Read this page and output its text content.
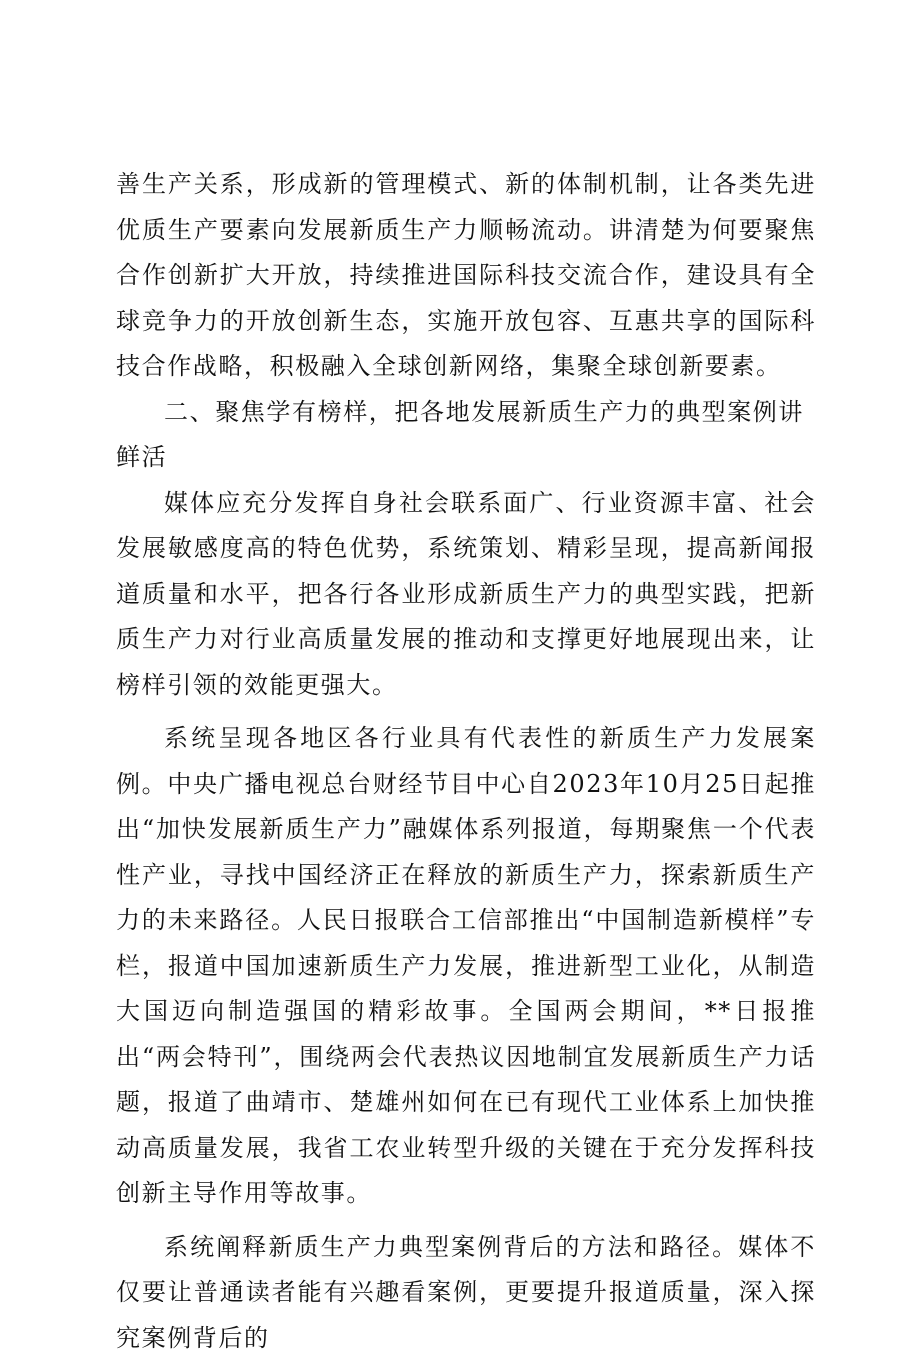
善生产关系，形成新的管理模式、新的体制机制，让各类先进优质生产要素向发展新质生产力顺畅流动。讲清楚为何要聚焦合作创新扩大开放，持续推进国际科技交流合作，建设具有全球竞争力的开放创新生态，实施开放包容、互惠共享的国际科技合作战略，积极融入全球创新网络，集聚全球创新要素。

二、聚焦学有榜样，把各地发展新质生产力的典型案例讲鲜活

媒体应充分发挥自身社会联系面广、行业资源丰富、社会发展敏感度高的特色优势，系统策划、精彩呈现，提高新闻报道质量和水平，把各行各业形成新质生产力的典型实践，把新质生产力对行业高质量发展的推动和支撑更好地展现出来，让榜样引领的效能更强大。

系统呈现各地区各行业具有代表性的新质生产力发展案例。中央广播电视总台财经节目中心自2023年10月25日起推出“加快发展新质生产力”融媒体系列报道，每期聚焦一个代表性产业，寻找中国经济正在释放的新质生产力，探索新质生产力的未来路径。人民日报联合工信部推出“中国制造新模样”专栏，报道中国加速新质生产力发展，推进新型工业化，从制造大国迈向制造强国的精彩故事。全国两会期间，**日报推出“两会特刊”，围绕两会代表热议因地制宜发展新质生产力话题，报道了曲靖市、楚雄州如何在已有现代工业体系上加快推动高质量发展，我省工农业转型升级的关键在于充分发挥科技创新主导作用等故事。

系统阐释新质生产力典型案例背后的方法和路径。媒体不仅要让普通读者能有兴趣看案例，更要提升报道质量，深入探究案例背后的
